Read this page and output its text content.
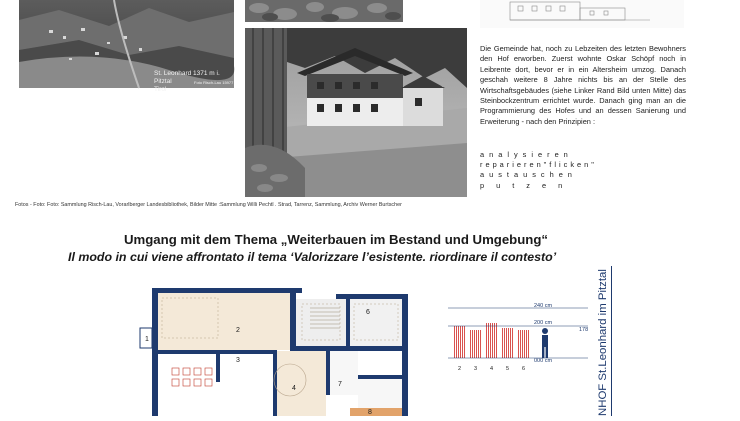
St. Leonhard 1371 m i. Pitztal
Tirol
Foto Risch-Lau 15977
Die Gemeinde hat, noch zu Lebzeiten des letzten Bewohners den Hof erworben. Zuerst wohnte Oskar Schöpf noch in Leibrente dort, bevor er in ein Altersheim umzog. Danach geschah weitere 8 Jahre nichts bis an der Stelle des Wirtschaftsgebäudes (siehe Linker Rand Bild unten Mitte) das Steinbockzentrum errichtet wurde. Danach ging man an die Programmierung des Hofes und an dessen Sanierung und Erweiterung - nach den Prinzipien :
analysieren
reparieren"flicken"
austauschen
putzen
Fotos - Foto: Foto: Sammlung Risch-Lau, Vorarlberger Landesbibliothek, Bilder Mitte :Sammlung Willi Pechtl . Strad, Tarrenz, Sammlung, Archiv Werner Burtscher
Umgang mit dem Thema „Weiterbauen im Bestand und Umgebung“
Il modo in cui viene affrontato il tema ‘Valorizzare l’esistente. riordinare il contesto’
1
2
3
4
6
7
8
240 cm
200 cm
000 cm
178
2 3 4 5 6	NHOF St.Leonhard im Pitztal
